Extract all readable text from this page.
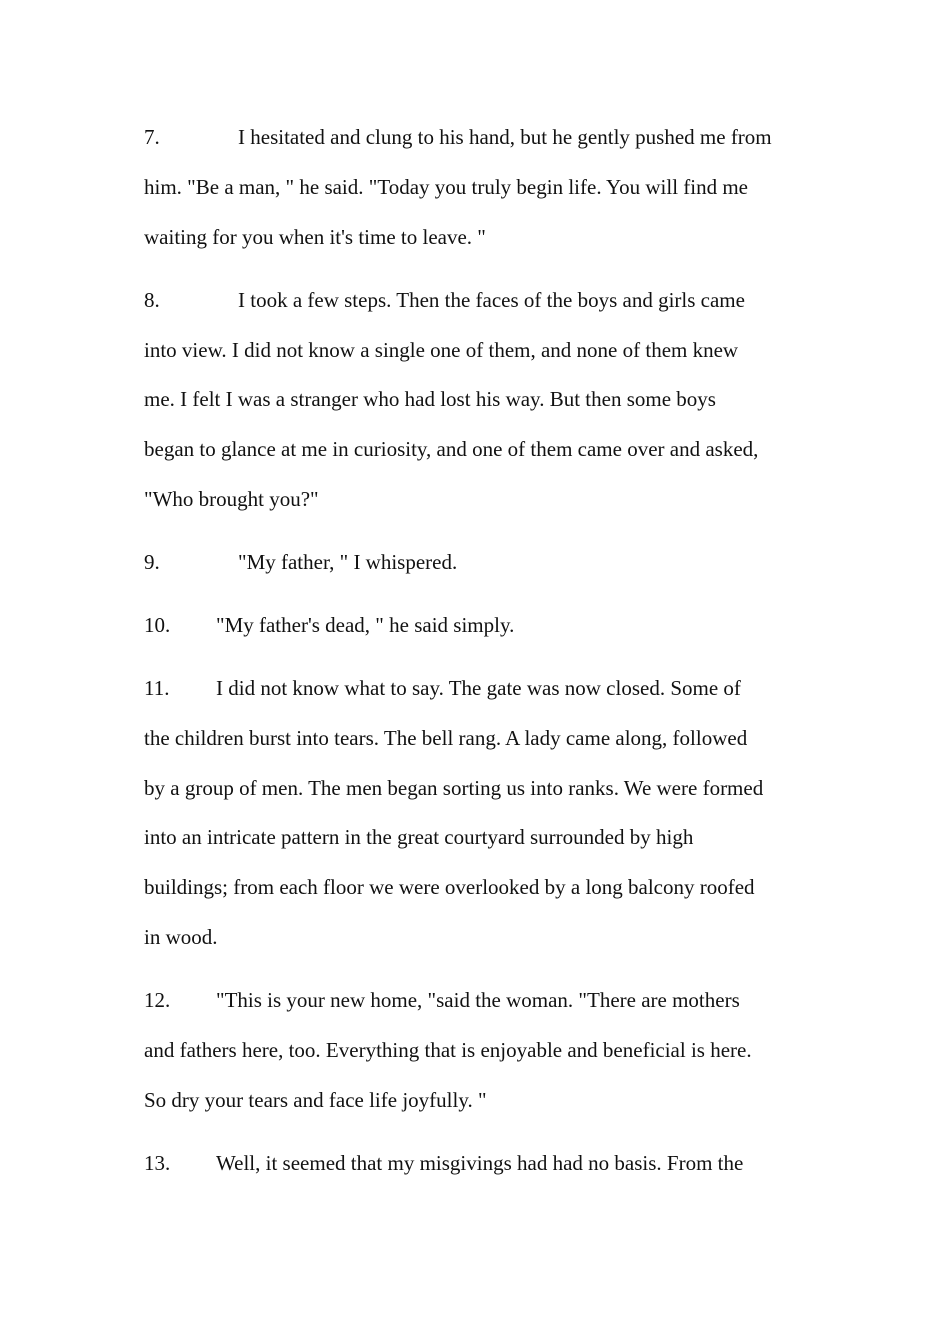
7.	I hesitated and clung to his hand, but he gently pushed me from
him. "Be a man, " he said. "Today you truly begin life. You will find me
waiting for you when it's time to leave. "
8.	I took a few steps. Then the faces of the boys and girls came
into view. I did not know a single one of them, and none of them knew
me. I felt I was a stranger who had lost his way. But then some boys
began to glance at me in curiosity, and one of them came over and asked,
"Who brought you?"
9.	"My father, " I whispered.
10. "My father's dead, " he said simply.
11. I did not know what to say. The gate was now closed. Some of
the children burst into tears. The bell rang. A lady came along, followed
by a group of men. The men began sorting us into ranks. We were formed
into an intricate pattern in the great courtyard surrounded by high
buildings; from each floor we were overlooked by a long balcony roofed
in wood.
12. "This is your new home, "said the woman. "There are mothers
and fathers here, too. Everything that is enjoyable and beneficial is here.
So dry your tears and face life joyfully. "
13. Well, it seemed that my misgivings had had no basis. From the
